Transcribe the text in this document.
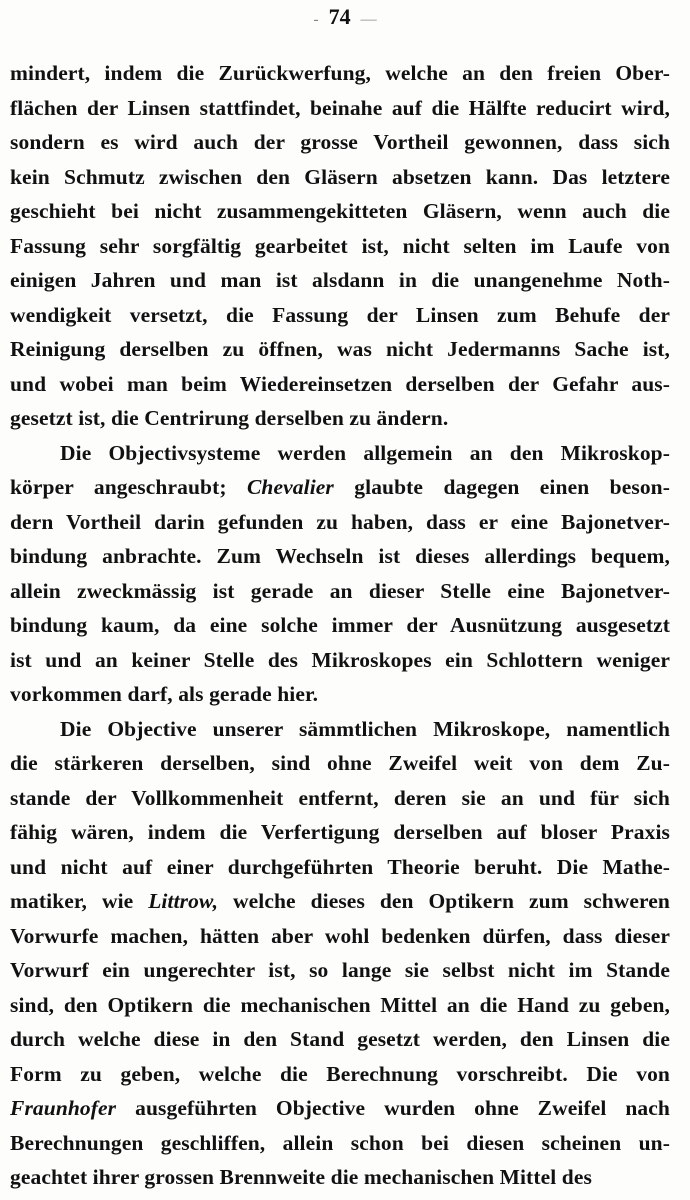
- 74 —
mindert, indem die Zurückwerfung, welche an den freien Ober-
flächen der Linsen stattfindet, beinahe auf die Hälfte reducirt wird,
sondern es wird auch der grosse Vortheil gewonnen, dass sich
kein Schmutz zwischen den Gläsern absetzen kann. Das letztere
geschieht bei nicht zusammengekitteten Gläsern, wenn auch die
Fassung sehr sorgfältig gearbeitet ist, nicht selten im Laufe von
einigen Jahren und man ist alsdann in die unangenehme Noth-
wendigkeit versetzt, die Fassung der Linsen zum Behufe der
Reinigung derselben zu öffnen, was nicht Jedermanns Sache ist,
und wobei man beim Wiedereinsetzen derselben der Gefahr aus-
gesetzt ist, die Centrirung derselben zu ändern.
Die Objectivsysteme werden allgemein an den Mikroskop-
körper angeschraubt; Chevalier glaubte dagegen einen beson-
dern Vortheil darin gefunden zu haben, dass er eine Bajonetver-
bindung anbrachte. Zum Wechseln ist dieses allerdings bequem,
allein zweckmässig ist gerade an dieser Stelle eine Bajonetver-
bindung kaum, da eine solche immer der Ausnützung ausgesetzt
ist und an keiner Stelle des Mikroskopes ein Schlottern weniger
vorkommen darf, als gerade hier.
Die Objective unserer sämmtlichen Mikroskope, namentlich
die stärkeren derselben, sind ohne Zweifel weit von dem Zu-
stande der Vollkommenheit entfernt, deren sie an und für sich
fähig wären, indem die Verfertigung derselben auf bloser Praxis
und nicht auf einer durchgeführten Theorie beruht. Die Mathe-
matiker, wie Littrow, welche dieses den Optikern zum schweren
Vorwurfe machen, hätten aber wohl bedenken dürfen, dass dieser
Vorwurf ein ungerechter ist, so lange sie selbst nicht im Stande
sind, den Optikern die mechanischen Mittel an die Hand zu geben,
durch welche diese in den Stand gesetzt werden, den Linsen die
Form zu geben, welche die Berechnung vorschreibt. Die von
Fraunhofer ausgeführten Objective wurden ohne Zweifel nach
Berechnungen geschliffen, allein schon bei diesen scheinen un-
geachtet ihrer grossen Brennweite die mechanischen Mittel des
